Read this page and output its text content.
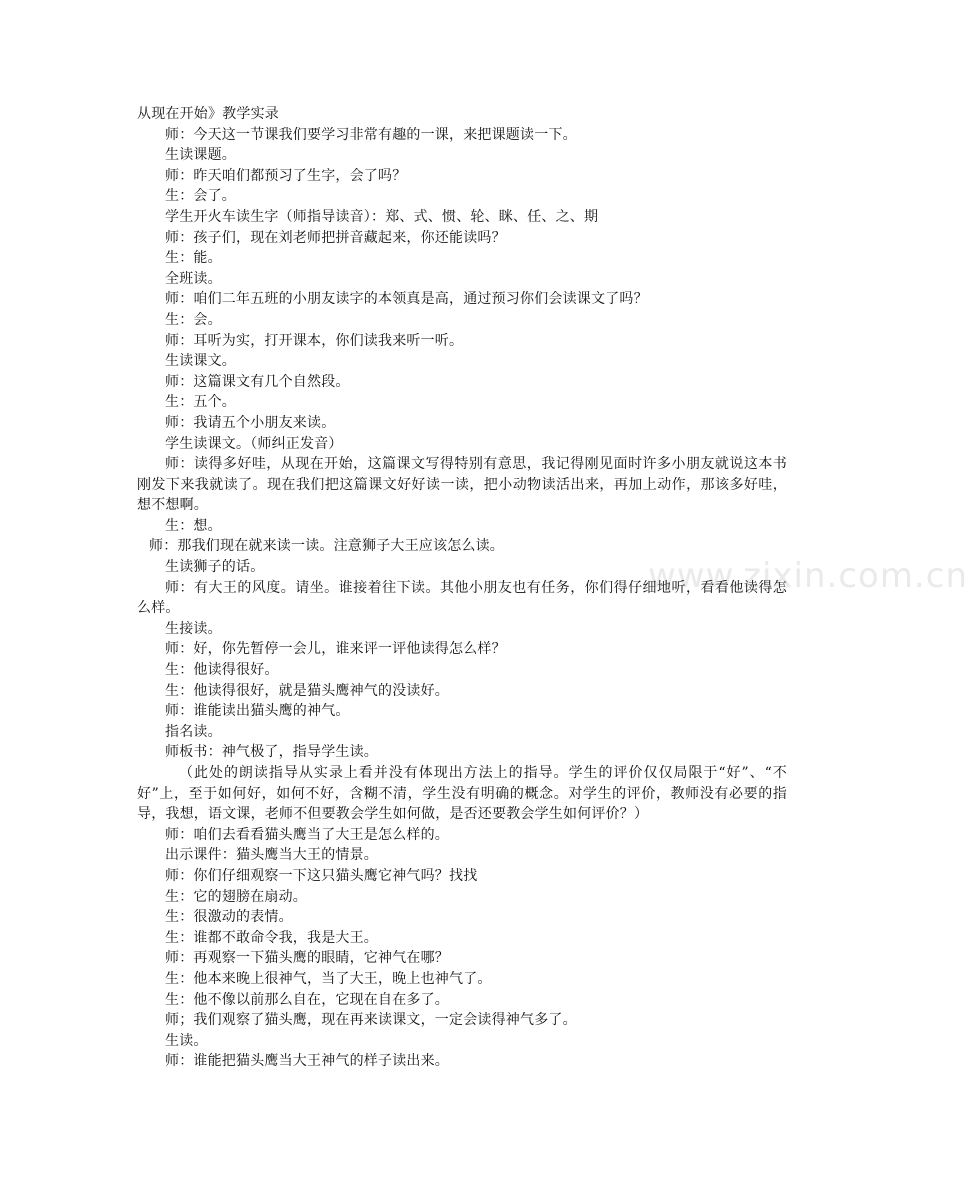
www.zixin.com.cn

从现在开始》教学实录

师：今天这一节课我们要学习非常有趣的一课，来把课题读一下。

生读课题。

师：昨天咱们都预习了生字，会了吗？

生：会了。

学生开火车读生字（师指导读音）：郑、式、惯、轮、眯、任、之、期

师：孩子们，现在刘老师把拼音藏起来，你还能读吗？

生：能。

全班读。

师：咱们二年五班的小朋友读字的本领真是高，通过预习你们会读课文了吗？

生：会。

师：耳听为实，打开课本，你们读我来听一听。

生读课文。

师：这篇课文有几个自然段。

生：五个。

师：我请五个小朋友来读。

学生读课文。（师纠正发音）

师：读得多好哇，从现在开始，这篇课文写得特别有意思，我记得刚见面时许多小朋友就说这本书刚发下来我就读了。现在我们把这篇课文好好读一读，把小动物读活出来，再加上动作，那该多好哇，想不想啊。

生：想。

师：那我们现在就来读一读。注意狮子大王应该怎么读。

生读狮子的话。

师：有大王的风度。请坐。谁接着往下读。其他小朋友也有任务，你们得仔细地听，看看他读得怎么样。

生接读。

师：好，你先暂停一会儿，谁来评一评他读得怎么样？

生：他读得很好。

生：他读得很好，就是猫头鹰神气的没读好。

师：谁能读出猫头鹰的神气。

指名读。

师板书：神气极了，指导学生读。

（此处的朗读指导从实录上看并没有体现出方法上的指导。学生的评价仅仅局限于“好”、“不好”上，至于如何好，如何不好，含糊不清，学生没有明确的概念。对学生的评价，教师没有必要的指导，我想，语文课，老师不但要教会学生如何做，是否还要教会学生如何评价？）

师：咱们去看看猫头鹰当了大王是怎么样的。

出示课件：猫头鹰当大王的情景。

师：你们仔细观察一下这只猫头鹰它神气吗？找找

生：它的翅膀在扇动。

生：很激动的表情。

生：谁都不敢命令我，我是大王。

师：再观察一下猫头鹰的眼睛，它神气在哪？

生：他本来晚上很神气，当了大王，晚上也神气了。

生：他不像以前那么自在，它现在自在多了。

师；我们观察了猫头鹰，现在再来读课文，一定会读得神气多了。

生读。

师：谁能把猫头鹰当大王神气的样子读出来。
